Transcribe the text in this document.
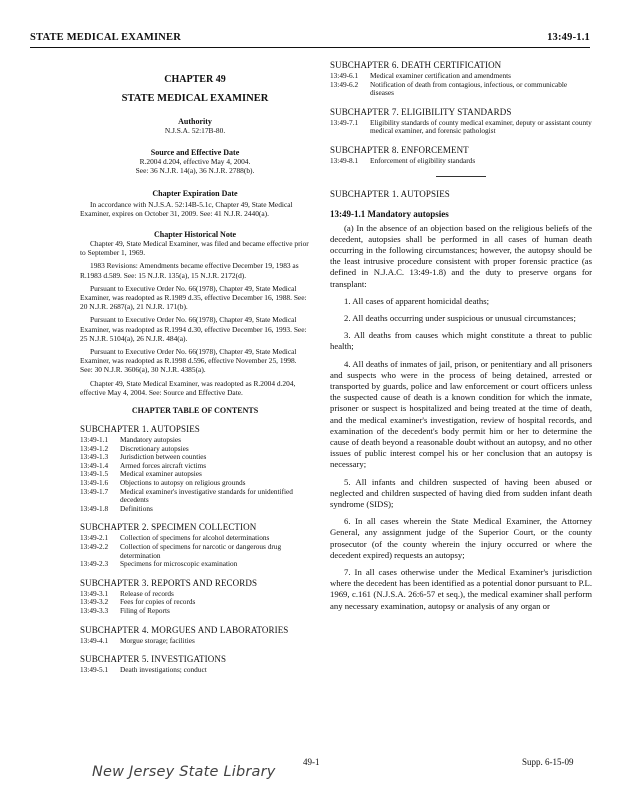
STATE MEDICAL EXAMINER	13:49-1.1
CHAPTER 49
STATE MEDICAL EXAMINER
Authority
N.J.S.A. 52:17B-80.
Source and Effective Date
R.2004 d.204, effective May 4, 2004.
See: 36 N.J.R. 14(a), 36 N.J.R. 2788(b).
Chapter Expiration Date
In accordance with N.J.S.A. 52:14B-5.1c, Chapter 49, State Medical Examiner, expires on October 31, 2009. See: 41 N.J.R. 2440(a).
Chapter Historical Note
Chapter 49, State Medical Examiner, was filed and became effective prior to September 1, 1969.
1983 Revisions: Amendments became effective December 19, 1983 as R.1983 d.589. See: 15 N.J.R. 135(a), 15 N.J.R. 2172(d).
Pursuant to Executive Order No. 66(1978), Chapter 49, State Medical Examiner, was readopted as R.1989 d.35, effective December 16, 1988. See: 20 N.J.R. 2687(a), 21 N.J.R. 171(b).
Pursuant to Executive Order No. 66(1978), Chapter 49, State Medical Examiner, was readopted as R.1994 d.30, effective December 16, 1993. See: 25 N.J.R. 5104(a), 26 N.J.R. 484(a).
Pursuant to Executive Order No. 66(1978), Chapter 49, State Medical Examiner, was readopted as R.1998 d.596, effective November 25, 1998. See: 30 N.J.R. 3606(a), 30 N.J.R. 4385(a).
Chapter 49, State Medical Examiner, was readopted as R.2004 d.204, effective May 4, 2004. See: Source and Effective Date.
CHAPTER TABLE OF CONTENTS
SUBCHAPTER 1. AUTOPSIES
13:49-1.1	Mandatory autopsies
13:49-1.2	Discretionary autopsies
13:49-1.3	Jurisdiction between counties
13:49-1.4	Armed forces aircraft victims
13:49-1.5	Medical examiner autopsies
13:49-1.6	Objections to autopsy on religious grounds
13:49-1.7	Medical examiner's investigative standards for unidentified decedents
13:49-1.8	Definitions
SUBCHAPTER 2. SPECIMEN COLLECTION
13:49-2.1	Collection of specimens for alcohol determinations
13:49-2.2	Collection of specimens for narcotic or dangerous drug determination
13:49-2.3	Specimens for microscopic examination
SUBCHAPTER 3. REPORTS AND RECORDS
13:49-3.1	Release of records
13:49-3.2	Fees for copies of records
13:49-3.3	Filing of Reports
SUBCHAPTER 4. MORGUES AND LABORATORIES
13:49-4.1	Morgue storage; facilities
SUBCHAPTER 5. INVESTIGATIONS
13:49-5.1	Death investigations; conduct
SUBCHAPTER 6. DEATH CERTIFICATION
13:49-6.1	Medical examiner certification and amendments
13:49-6.2	Notification of death from contagious, infectious, or communicable diseases
SUBCHAPTER 7. ELIGIBILITY STANDARDS
13:49-7.1	Eligibility standards of county medical examiner, deputy or assistant county medical examiner, and forensic pathologist
SUBCHAPTER 8. ENFORCEMENT
13:49-8.1	Enforcement of eligibility standards
SUBCHAPTER 1. AUTOPSIES
13:49-1.1 Mandatory autopsies
(a) In the absence of an objection based on the religious beliefs of the decedent, autopsies shall be performed in all cases of human death occurring in the following circumstances; however, the autopsy should be the least intrusive procedure consistent with proper forensic practice (as defined in N.J.A.C. 13:49-1.8) and the duty to preserve organs for transplant:
1. All cases of apparent homicidal deaths;
2. All deaths occurring under suspicious or unusual circumstances;
3. All deaths from causes which might constitute a threat to public health;
4. All deaths of inmates of jail, prison, or penitentiary and all prisoners and suspects who were in the process of being detained, arrested or transported by guards, police and law enforcement or court officers unless the suspected cause of death is a known condition for which the inmate, prisoner or suspect is hospitalized and being treated at the time of death, and the medical examiner's investigation, review of hospital records, and examination of the decedent's body permit him or her to determine the cause of death beyond a reasonable doubt without an autopsy, and no other issues of public interest compel his or her conclusion that an autopsy is necessary;
5. All infants and children suspected of having been abused or neglected and children suspected of having died from sudden infant death syndrome (SIDS);
6. In all cases wherein the State Medical Examiner, the Attorney General, any assignment judge of the Superior Court, or the county prosecutor (of the county wherein the injury occurred or where the decedent expired) requests an autopsy;
7. In all cases otherwise under the Medical Examiner's jurisdiction where the decedent has been identified as a potential donor pursuant to P.L. 1969, c.161 (N.J.S.A. 26:6-57 et seq.), the medical examiner shall perform any necessary examination, autopsy or analysis of any organ or
49-1	Supp. 6-15-09
New Jersey State Library
